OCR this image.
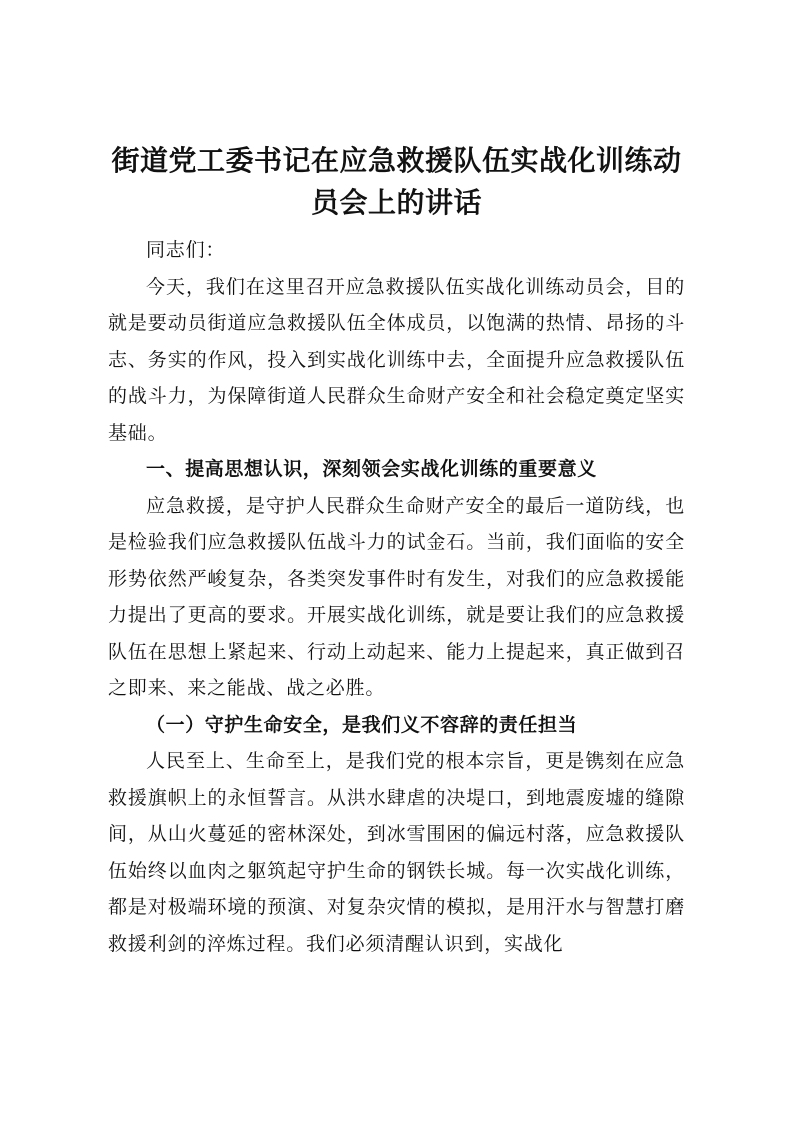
街道党工委书记在应急救援队伍实战化训练动
员会上的讲话

同志们：

今天，我们在这里召开应急救援队伍实战化训练动员会，目的就是要动员街道应急救援队伍全体成员，以饱满的热情、昂扬的斗志、务实的作风，投入到实战化训练中去，全面提升应急救援队伍的战斗力，为保障街道人民群众生命财产安全和社会稳定奠定坚实基础。

一、提高思想认识，深刻领会实战化训练的重要意义

应急救援，是守护人民群众生命财产安全的最后一道防线，也是检验我们应急救援队伍战斗力的试金石。当前，我们面临的安全形势依然严峻复杂，各类突发事件时有发生，对我们的应急救援能力提出了更高的要求。开展实战化训练，就是要让我们的应急救援队伍在思想上紧起来、行动上动起来、能力上提起来，真正做到召之即来、来之能战、战之必胜。

（一）守护生命安全，是我们义不容辞的责任担当

人民至上、生命至上，是我们党的根本宗旨，更是镌刻在应急救援旗帜上的永恒誓言。从洪水肆虐的决堤口，到地震废墟的缝隙间，从山火蔓延的密林深处，到冰雪围困的偏远村落，应急救援队伍始终以血肉之躯筑起守护生命的钢铁长城。每一次实战化训练，都是对极端环境的预演、对复杂灾情的模拟，是用汗水与智慧打磨救援利剑的淬炼过程。我们必须清醒认识到，实战化
